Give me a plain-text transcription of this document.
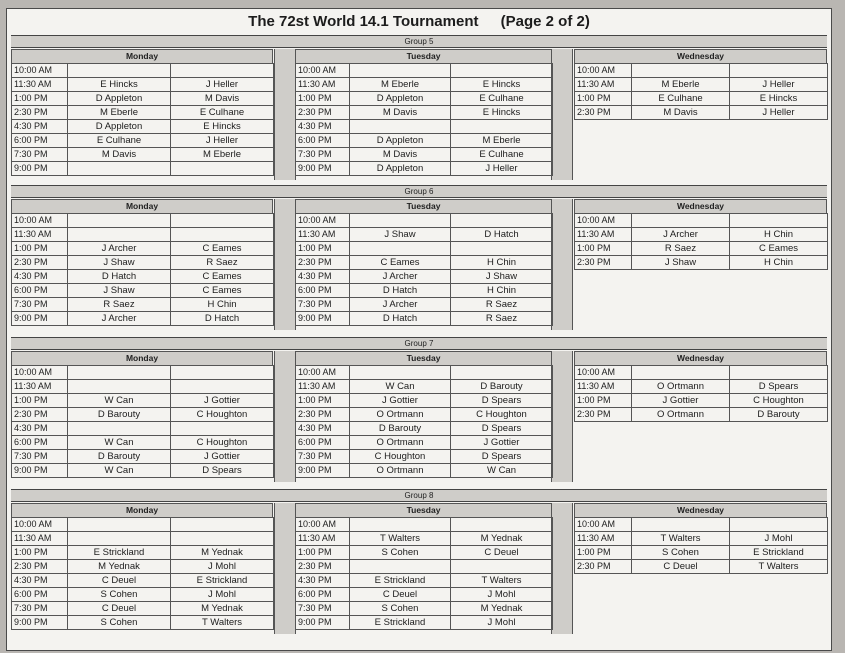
The 72st World 14.1 Tournament (Page 2 of 2)
Group 5
Monday
10:00 AM		
11:30 AM	E Hincks	J Heller
1:00 PM	D Appleton	M Davis
2:30 PM	M Eberle	E Culhane
4:30 PM	D Appleton	E Hincks
6:00 PM	E Culhane	J Heller
7:30 PM	M Davis	M Eberle
9:00 PM		
Tuesday
10:00 AM		
11:30 AM	M Eberle	E Hincks
1:00 PM	D Appleton	E Culhane
2:30 PM	M Davis	E Hincks
4:30 PM		
6:00 PM	D Appleton	M Eberle
7:30 PM	M Davis	E Culhane
9:00 PM	D Appleton	J Heller
Wednesday
10:00 AM		
11:30 AM	M Eberle	J Heller
1:00 PM	E Culhane	E Hincks
2:30 PM	M Davis	J Heller
Group 6
Monday
10:00 AM		
11:30 AM		
1:00 PM	J Archer	C Eames
2:30 PM	J Shaw	R Saez
4:30 PM	D Hatch	C Eames
6:00 PM	J Shaw	C Eames
7:30 PM	R Saez	H Chin
9:00 PM	J Archer	D Hatch
Tuesday
10:00 AM		
11:30 AM	J Shaw	D Hatch
1:00 PM		
2:30 PM	C Eames	H Chin
4:30 PM	J Archer	J Shaw
6:00 PM	D Hatch	H Chin
7:30 PM	J Archer	R Saez
9:00 PM	D Hatch	R Saez
Wednesday
10:00 AM		
11:30 AM	J Archer	H Chin
1:00 PM	R Saez	C Eames
2:30 PM	J Shaw	H Chin
Group 7
Monday
10:00 AM		
11:30 AM		
1:00 PM	W Can	J Gottier
2:30 PM	D Barouty	C Houghton
4:30 PM		
6:00 PM	W Can	C Houghton
7:30 PM	D Barouty	J Gottier
9:00 PM	W Can	D Spears
Tuesday
10:00 AM		
11:30 AM	W Can	D Barouty
1:00 PM	J Gottier	D Spears
2:30 PM	O Ortmann	C Houghton
4:30 PM	D Barouty	D Spears
6:00 PM	O Ortmann	J Gottier
7:30 PM	C Houghton	D Spears
9:00 PM	O Ortmann	W Can
Wednesday
10:00 AM		
11:30 AM	O Ortmann	D Spears
1:00 PM	J Gottier	C Houghton
2:30 PM	O Ortmann	D Barouty
Group 8
Monday
10:00 AM		
11:30 AM		
1:00 PM	E Strickland	M Yednak
2:30 PM	M Yednak	J Mohl
4:30 PM	C Deuel	E Strickland
6:00 PM	S Cohen	J Mohl
7:30 PM	C Deuel	M Yednak
9:00 PM	S Cohen	T Walters
Tuesday
10:00 AM		
11:30 AM	T Walters	M Yednak
1:00 PM	S Cohen	C Deuel
2:30 PM		
4:30 PM	E Strickland	T Walters
6:00 PM	C Deuel	J Mohl
7:30 PM	S Cohen	M Yednak
9:00 PM	E Strickland	J Mohl
Wednesday
10:00 AM		
11:30 AM	T Walters	J Mohl
1:00 PM	S Cohen	E Strickland
2:30 PM	C Deuel	T Walters
